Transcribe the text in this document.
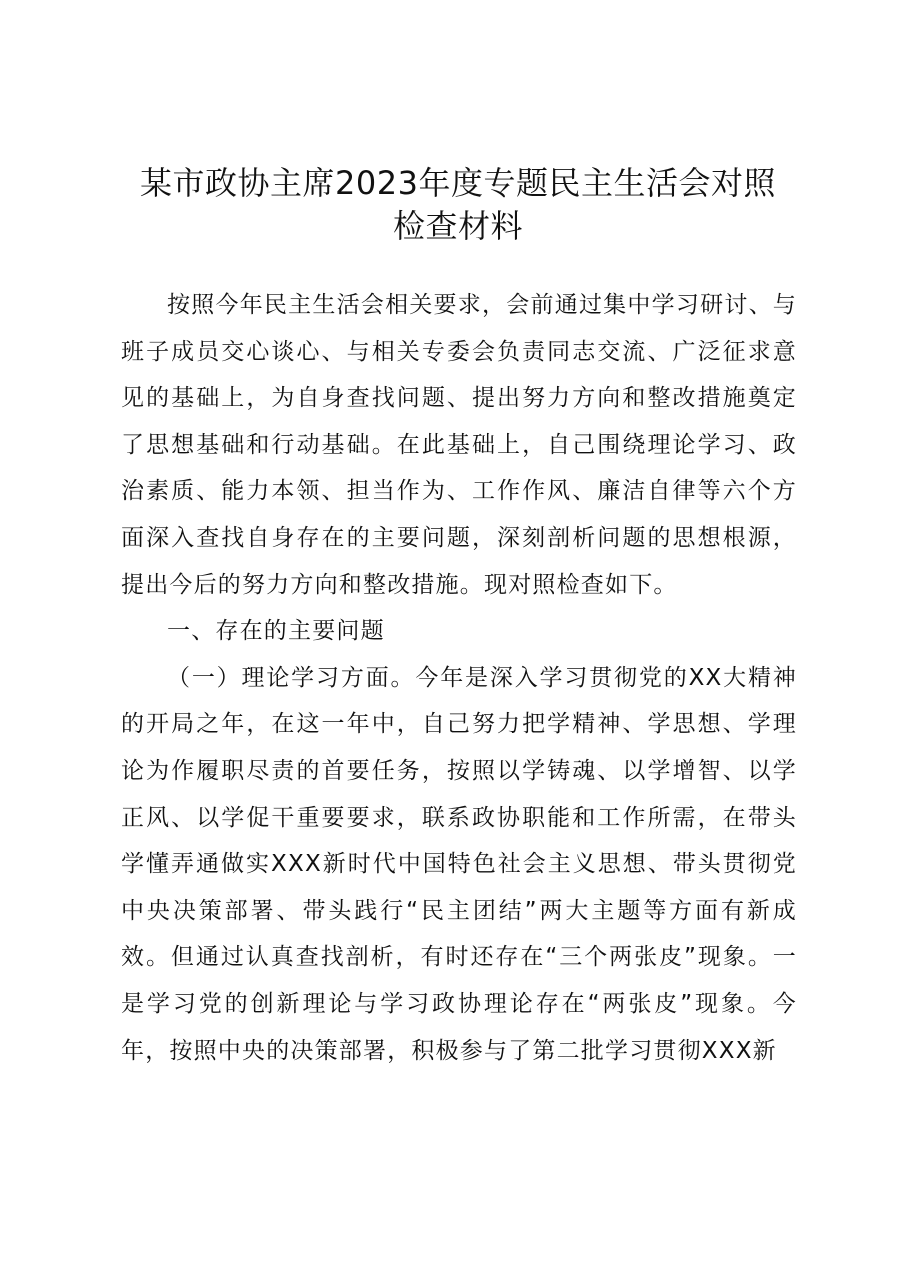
某市政协主席2023年度专题民主生活会对照
检查材料

按照今年民主生活会相关要求，会前通过集中学习研讨、与班子成员交心谈心、与相关专委会负责同志交流、广泛征求意见的基础上，为自身查找问题、提出努力方向和整改措施奠定了思想基础和行动基础。在此基础上，自己围绕理论学习、政治素质、能力本领、担当作为、工作作风、廉洁自律等六个方面深入查找自身存在的主要问题，深刻剖析问题的思想根源，提出今后的努力方向和整改措施。现对照检查如下。

一、存在的主要问题

（一）理论学习方面。今年是深入学习贯彻党的XX大精神的开局之年，在这一年中，自己努力把学精神、学思想、学理论为作履职尽责的首要任务，按照以学铸魂、以学增智、以学正风、以学促干重要要求，联系政协职能和工作所需，在带头学懂弄通做实XXX新时代中国特色社会主义思想、带头贯彻党中央决策部署、带头践行“民主团结”两大主题等方面有新成效。但通过认真查找剖析，有时还存在“三个两张皮”现象。一是学习党的创新理论与学习政协理论存在“两张皮”现象。今年，按照中央的决策部署，积极参与了第二批学习贯彻XXX新
